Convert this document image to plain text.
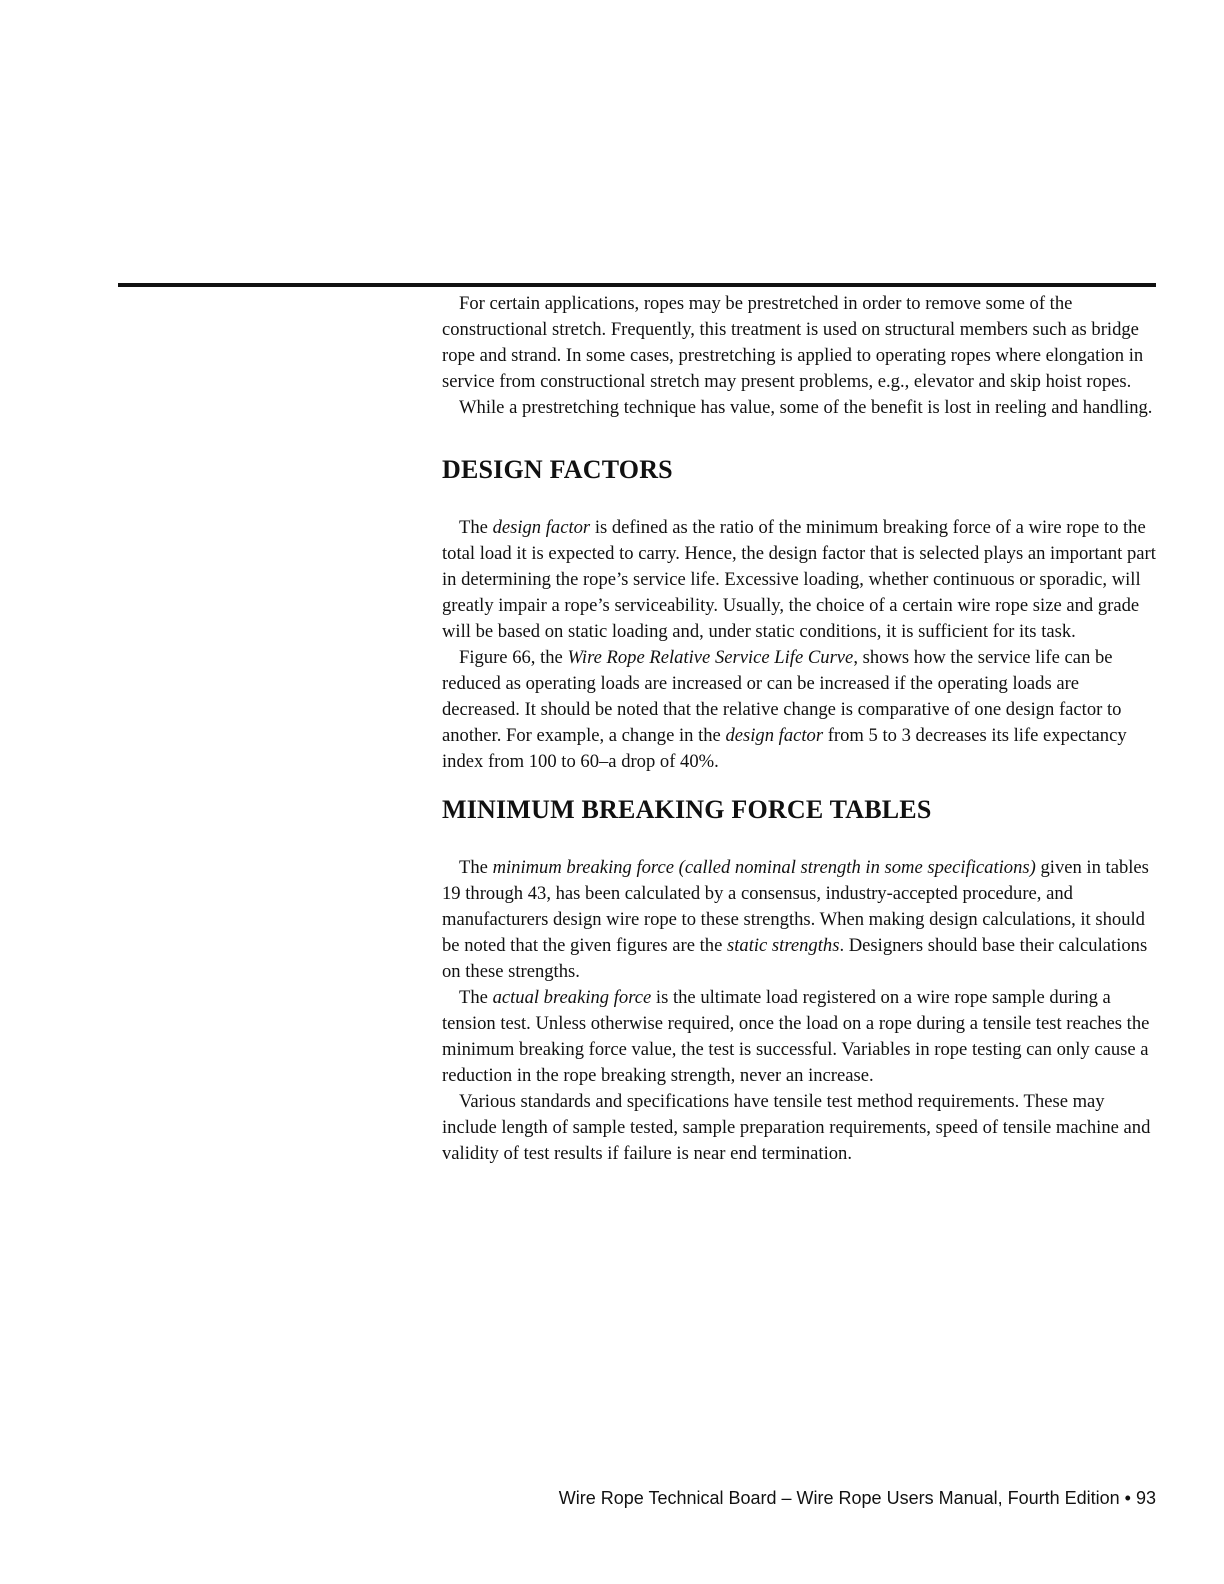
For certain applications, ropes may be prestretched in order to remove some of the constructional stretch. Frequently, this treatment is used on structural members such as bridge rope and strand. In some cases, prestretching is applied to operating ropes where elongation in service from constructional stretch may present problems, e.g., elevator and skip hoist ropes.

While a prestretching technique has value, some of the benefit is lost in reeling and handling.

DESIGN FACTORS

The design factor is defined as the ratio of the minimum breaking force of a wire rope to the total load it is expected to carry. Hence, the design factor that is selected plays an important part in determining the rope’s service life. Excessive loading, whether continuous or sporadic, will greatly impair a rope’s serviceability. Usually, the choice of a certain wire rope size and grade will be based on static loading and, under static conditions, it is sufficient for its task.

Figure 66, the Wire Rope Relative Service Life Curve, shows how the service life can be reduced as operating loads are increased or can be increased if the operating loads are decreased. It should be noted that the relative change is comparative of one design factor to another. For example, a change in the design factor from 5 to 3 decreases its life expectancy index from 100 to 60–a drop of 40%.

MINIMUM BREAKING FORCE TABLES

The minimum breaking force (called nominal strength in some specifications) given in tables 19 through 43, has been calculated by a consensus, industry-accepted procedure, and manufacturers design wire rope to these strengths. When making design calculations, it should be noted that the given figures are the static strengths. Designers should base their calculations on these strengths.

The actual breaking force is the ultimate load registered on a wire rope sample during a tension test. Unless otherwise required, once the load on a rope during a tensile test reaches the minimum breaking force value, the test is successful. Variables in rope testing can only cause a reduction in the rope breaking strength, never an increase.

Various standards and specifications have tensile test method requirements. These may include length of sample tested, sample preparation requirements, speed of tensile machine and validity of test results if failure is near end termination.

Wire Rope Technical Board – Wire Rope Users Manual, Fourth Edition • 93
